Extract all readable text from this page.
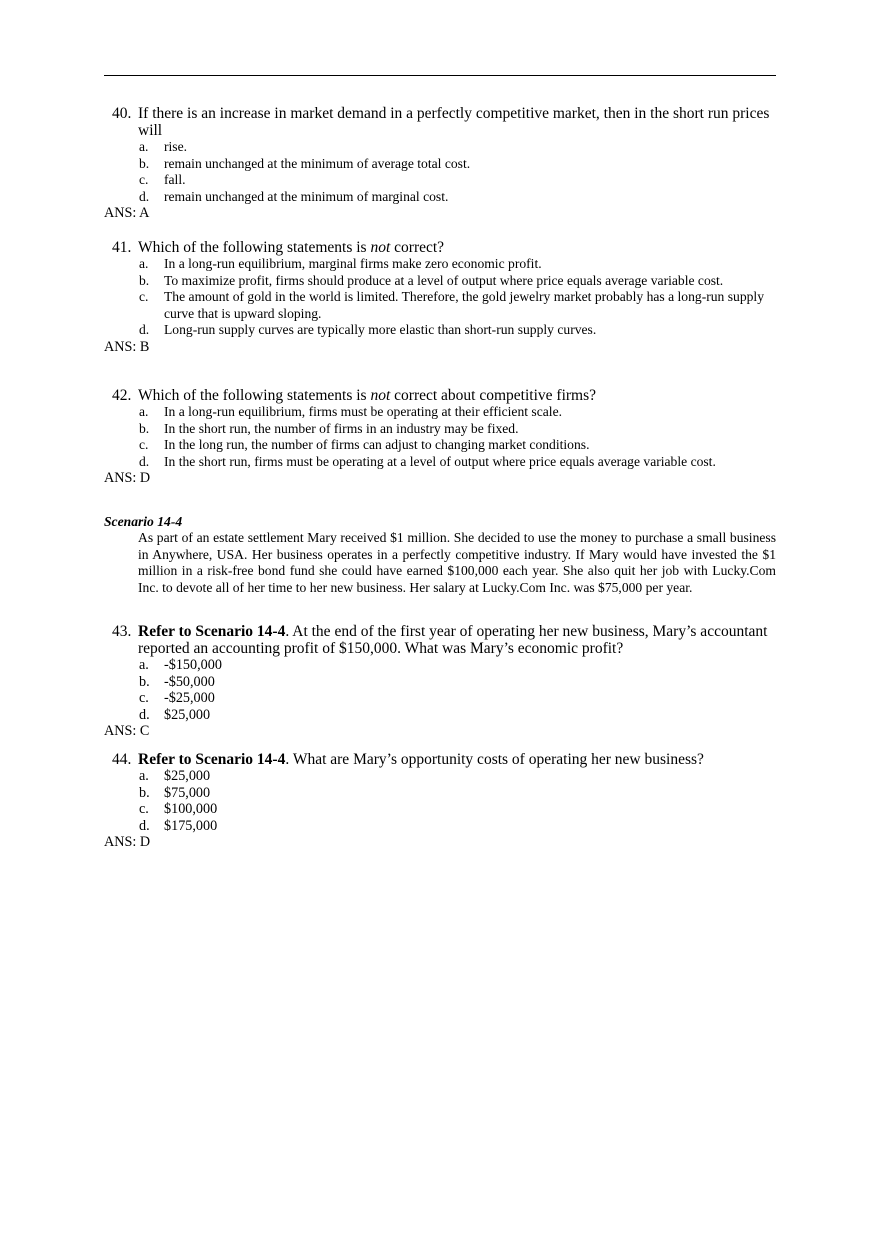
40. If there is an increase in market demand in a perfectly competitive market, then in the short run prices will
a. rise.
b. remain unchanged at the minimum of average total cost.
c. fall.
d. remain unchanged at the minimum of marginal cost.
ANS: A
41. Which of the following statements is not correct?
a. In a long-run equilibrium, marginal firms make zero economic profit.
b. To maximize profit, firms should produce at a level of output where price equals average variable cost.
c. The amount of gold in the world is limited. Therefore, the gold jewelry market probably has a long-run supply curve that is upward sloping.
d. Long-run supply curves are typically more elastic than short-run supply curves.
ANS: B
42. Which of the following statements is not correct about competitive firms?
a. In a long-run equilibrium, firms must be operating at their efficient scale.
b. In the short run, the number of firms in an industry may be fixed.
c. In the long run, the number of firms can adjust to changing market conditions.
d. In the short run, firms must be operating at a level of output where price equals average variable cost.
ANS: D
Scenario 14-4
As part of an estate settlement Mary received $1 million. She decided to use the money to purchase a small business in Anywhere, USA. Her business operates in a perfectly competitive industry. If Mary would have invested the $1 million in a risk-free bond fund she could have earned $100,000 each year. She also quit her job with Lucky.Com Inc. to devote all of her time to her new business. Her salary at Lucky.Com Inc. was $75,000 per year.
43. Refer to Scenario 14-4. At the end of the first year of operating her new business, Mary’s accountant reported an accounting profit of $150,000. What was Mary’s economic profit?
a. -$150,000
b. -$50,000
c. -$25,000
d. $25,000
ANS: C
44. Refer to Scenario 14-4. What are Mary’s opportunity costs of operating her new business?
a. $25,000
b. $75,000
c. $100,000
d. $175,000
ANS: D
